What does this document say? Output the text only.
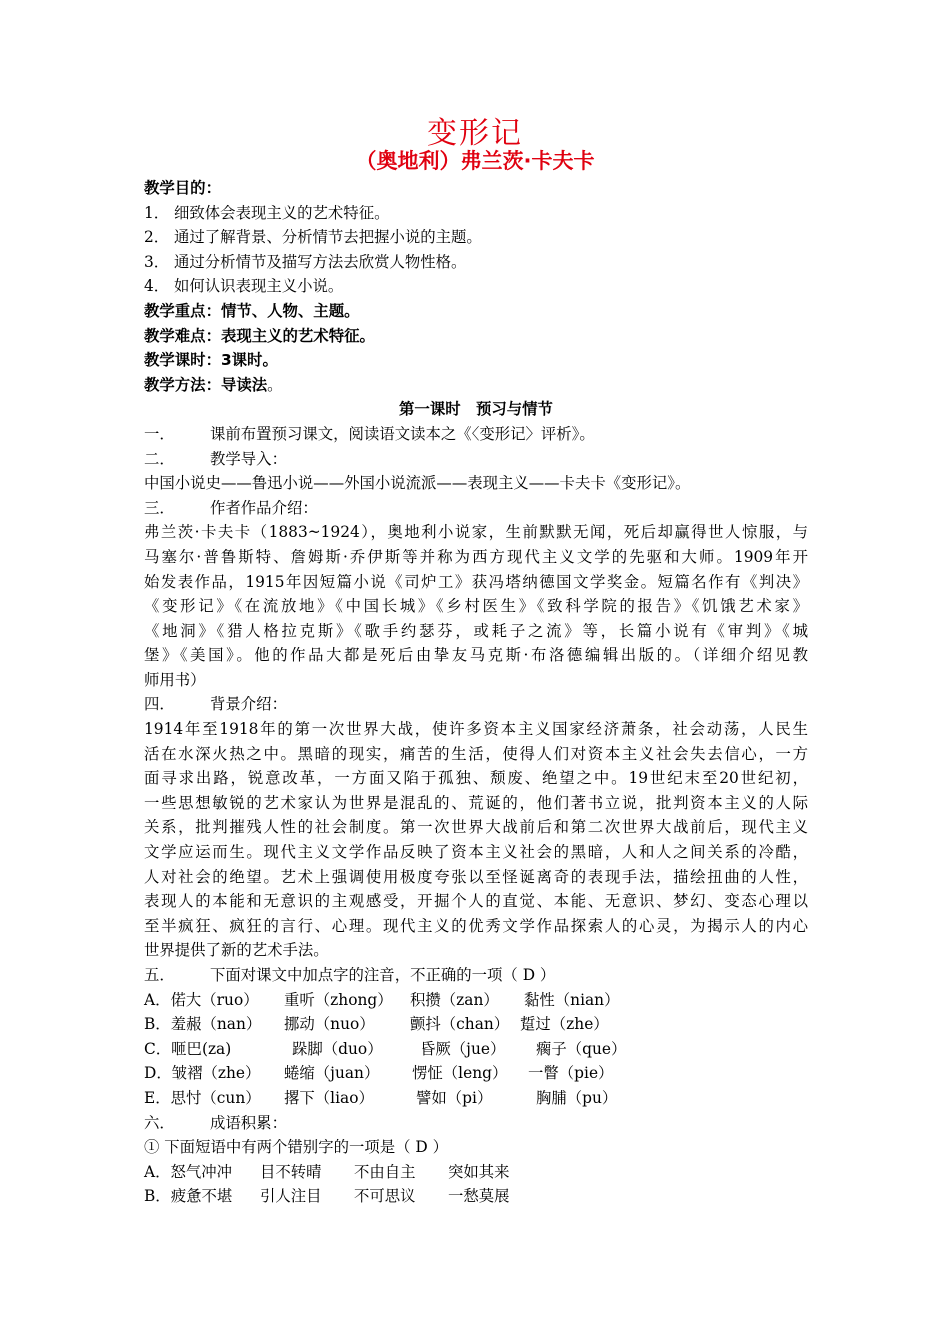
变形记
（奥地利）弗兰茨·卡夫卡
教学目的：
1． 细致体会表现主义的艺术特征。
2． 通过了解背景、分析情节去把握小说的主题。
3． 通过分析情节及描写方法去欣赏人物性格。
4． 如何认识表现主义小说。
教学重点：情节、人物、主题。
教学难点：表现主义的艺术特征。
教学课时：3课时。
教学方法：导读法。
第一课时　预习与情节
一． 课前布置预习课文，阅读语文读本之《〈变形记〉评析》。
二． 教学导入：
中国小说史——鲁迅小说——外国小说流派——表现主义——卡夫卡《变形记》。
三． 作者作品介绍：
弗兰茨·卡夫卡（1883~1924），奥地利小说家，生前默默无闻，死后却赢得世人惊服，与
马塞尔·普鲁斯特、詹姆斯·乔伊斯等并称为西方现代主义文学的先驱和大师。1909年开
始发表作品，1915年因短篇小说《司炉工》获冯塔纳德国文学奖金。短篇名作有《判决》
《变形记》《在流放地》《中国长城》《乡村医生》《致科学院的报告》《饥饿艺术家》
《地洞》《猎人格拉克斯》《歌手约瑟芬，或耗子之流》等，长篇小说有《审判》《城
堡》《美国》。他的作品大都是死后由挚友马克斯·布洛德编辑出版的。（详细介绍见教
师用书）
四． 背景介绍：
1914年至1918年的第一次世界大战，使许多资本主义国家经济萧条，社会动荡，人民生
活在水深火热之中。黑暗的现实，痛苦的生活，使得人们对资本主义社会失去信心，一方
面寻求出路，锐意改革，一方面又陷于孤独、颓废、绝望之中。19世纪末至20世纪初，
一些思想敏锐的艺术家认为世界是混乱的、荒诞的，他们著书立说，批判资本主义的人际
关系，批判摧残人性的社会制度。第一次世界大战前后和第二次世界大战前后，现代主义
文学应运而生。现代主义文学作品反映了资本主义社会的黑暗，人和人之间关系的冷酷，
人对社会的绝望。艺术上强调使用极度夸张以至怪诞离奇的表现手法，描绘扭曲的人性，
表现人的本能和无意识的主观感受，开掘个人的直觉、本能、无意识、梦幻、变态心理以
至半疯狂、疯狂的言行、心理。现代主义的优秀文学作品探索人的心灵，为揭示人的内心
世界提供了新的艺术手法。
五． 下面对课文中加点字的注音，不正确的一项（ D ）
A．偌大（ruo） 重听（zhong） 积攒（zan） 黏性（nian）
B．羞赧（nan） 挪动（nuo） 颤抖（chan） 踅过（zhe）
C．咂巴(za)	跺脚（duo） 昏厥（jue） 瘸子（que）
D．皱褶（zhe） 蜷缩（juan） 愣怔（leng） 一瞥（pie）
E．思忖（cun） 撂下（liao）	譬如（pi）	胸脯（pu）
六． 成语积累：
① 下面短语中有两个错别字的一项是（ D ）
A．怒气冲冲 目不转晴 不由自主 突如其来
B．疲惫不堪 引人注目 不可思议 一愁莫展
